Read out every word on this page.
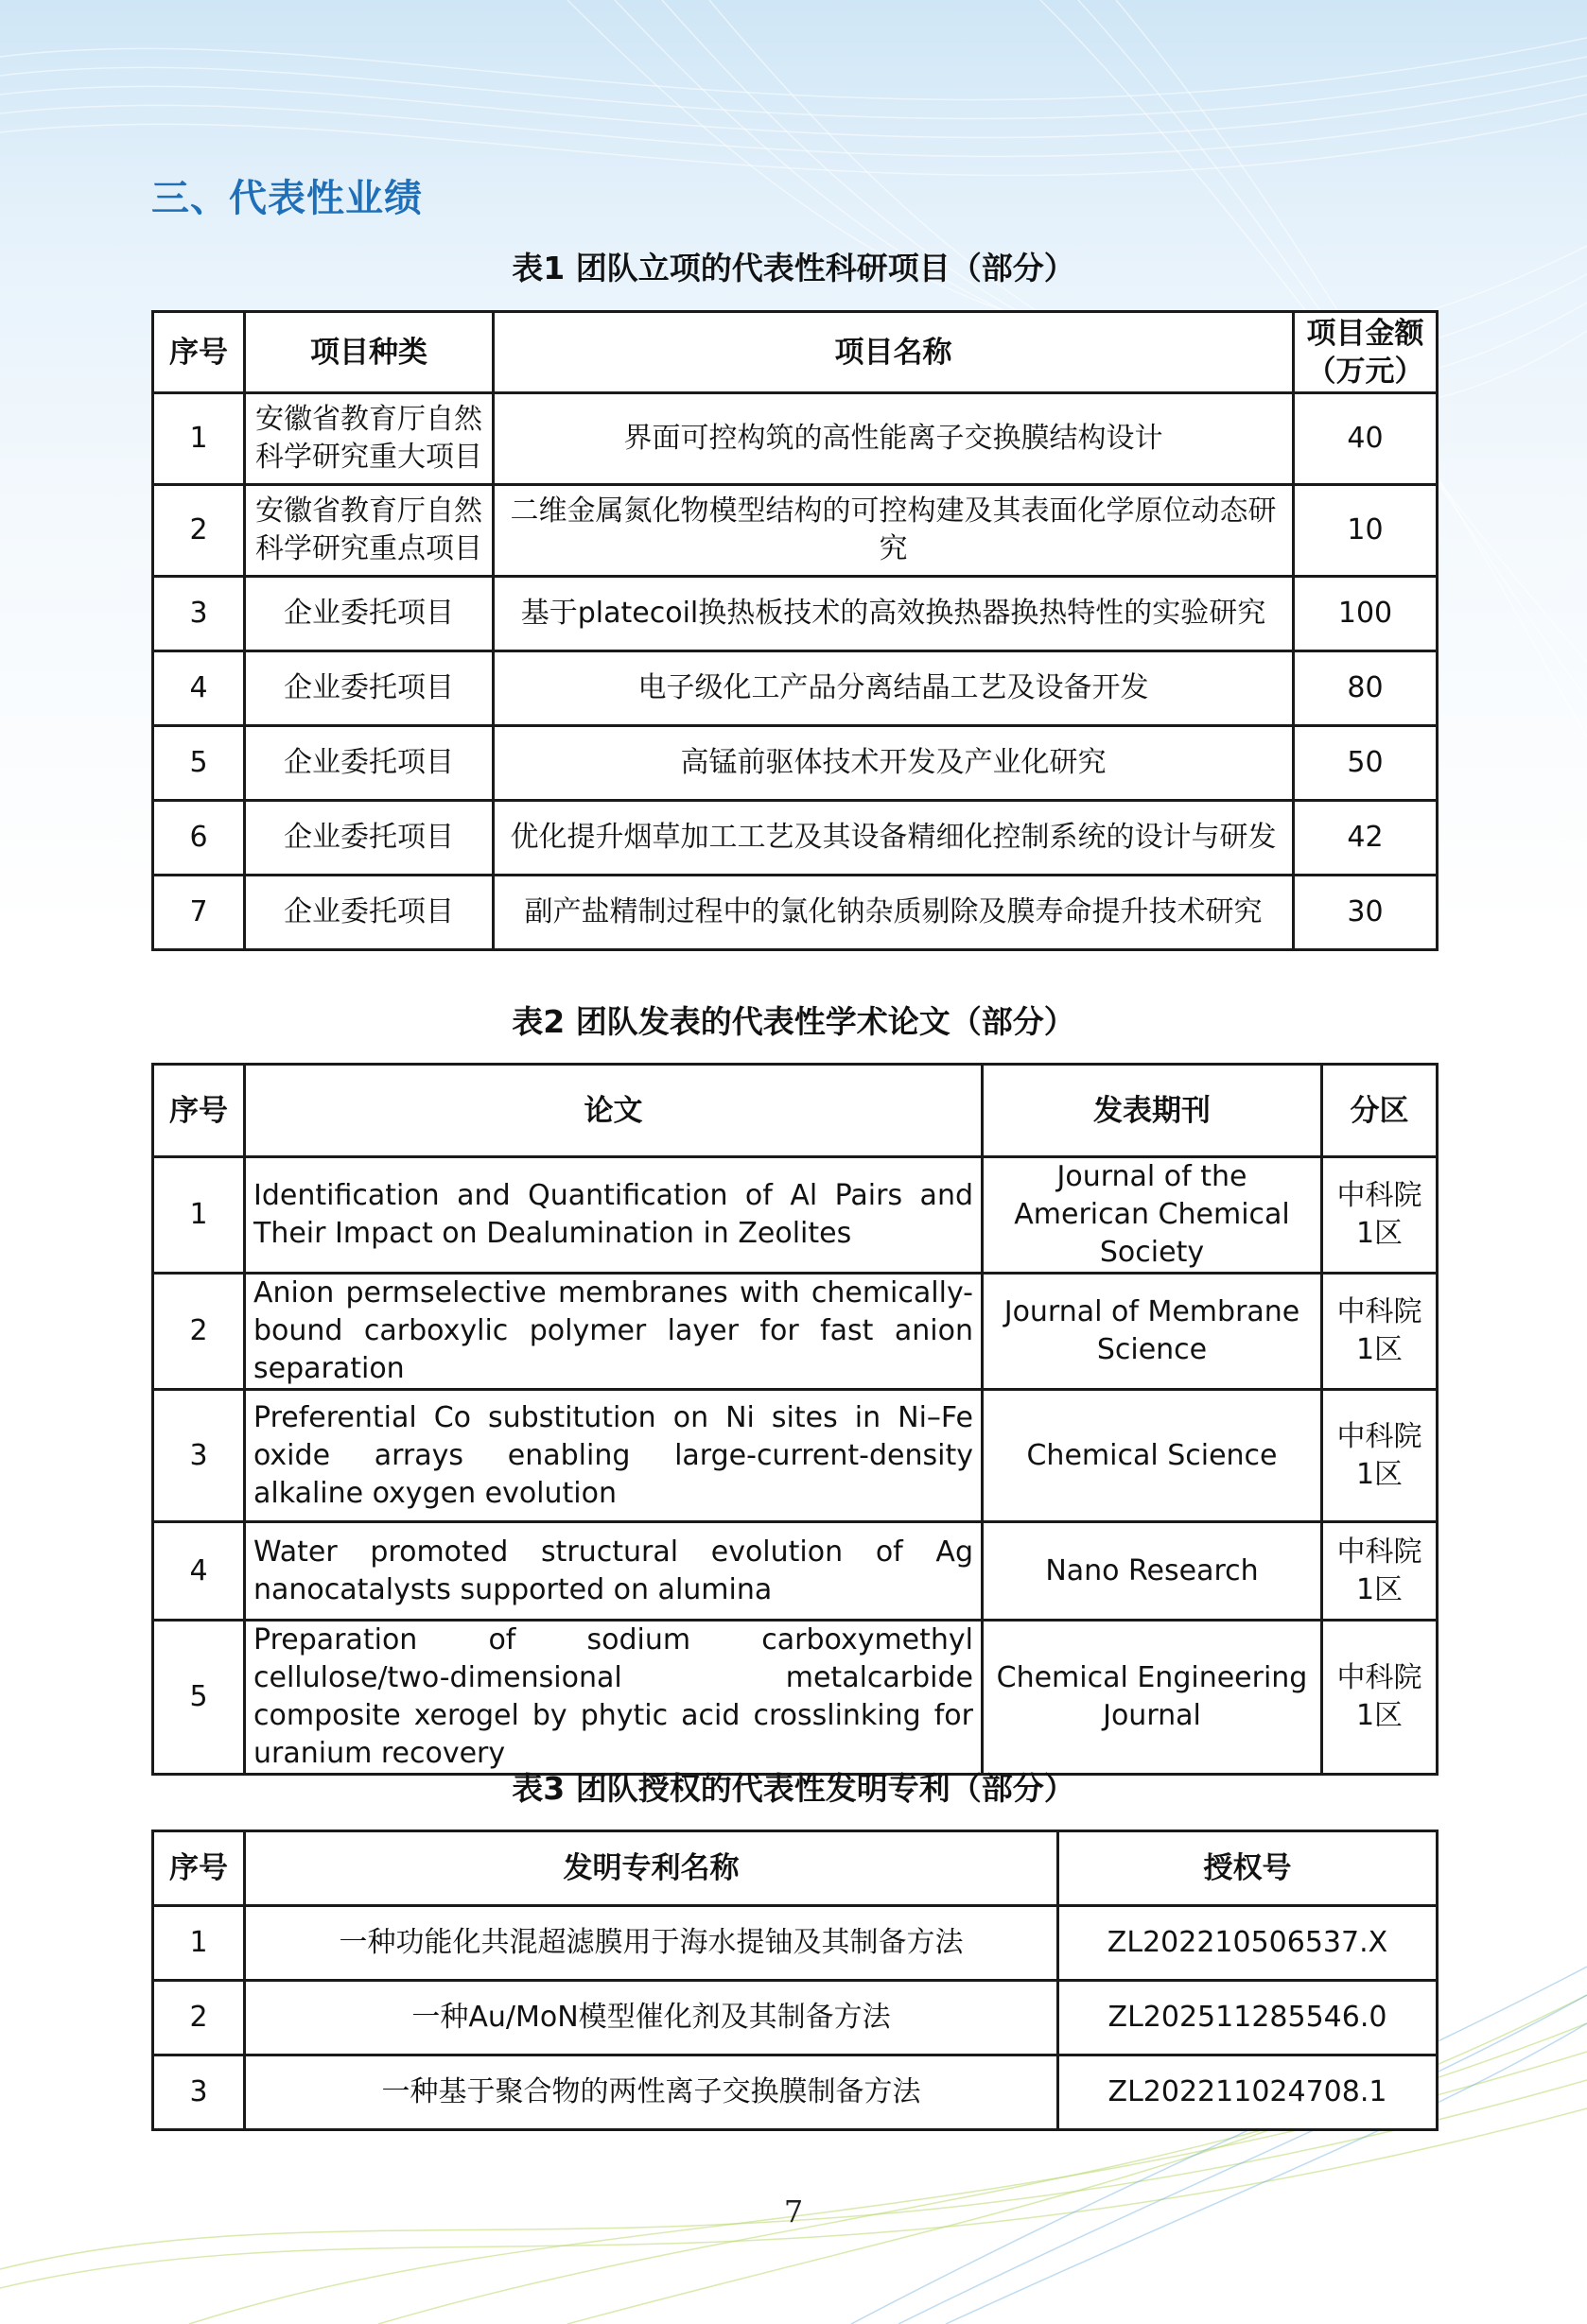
三、代表性业绩
表1 团队立项的代表性科研项目（部分）
序号	项目种类	项目名称	项目金额（万元）
1	安徽省教育厅自然科学研究重大项目	界面可控构筑的高性能离子交换膜结构设计	40
2	安徽省教育厅自然科学研究重点项目	二维金属氮化物模型结构的可控构建及其表面化学原位动态研究	10
3	企业委托项目	基于platecoil换热板技术的高效换热器换热特性的实验研究	100
4	企业委托项目	电子级化工产品分离结晶工艺及设备开发	80
5	企业委托项目	高锰前驱体技术开发及产业化研究	50
6	企业委托项目	优化提升烟草加工工艺及其设备精细化控制系统的设计与研发	42
7	企业委托项目	副产盐精制过程中的氯化钠杂质剔除及膜寿命提升技术研究	30
表2 团队发表的代表性学术论文（部分）
序号	论文	发表期刊	分区
1	Identification and Quantification of Al Pairs and Their Impact on Dealumination in Zeolites	Journal of the American Chemical Society	中科院1区
2	Anion permselective membranes with chemically-bound carboxylic polymer layer for fast anion separation	Journal of Membrane Science	中科院1区
3	Preferential Co substitution on Ni sites in Ni–Fe oxide arrays enabling large-current-density alkaline oxygen evolution	Chemical Science	中科院1区
4	Water promoted structural evolution of Ag nanocatalysts supported on alumina	Nano Research	中科院1区
5	Preparation of sodium carboxymethyl cellulose/two-dimensional metalcarbide composite xerogel by phytic acid crosslinking for uranium recovery	Chemical Engineering Journal	中科院1区
表3 团队授权的代表性发明专利（部分）
序号	发明专利名称	授权号
1	一种功能化共混超滤膜用于海水提铀及其制备方法	ZL202210506537.X
2	一种Au/MoN模型催化剂及其制备方法	ZL202511285546.0
3	一种基于聚合物的两性离子交换膜制备方法	ZL202211024708.1
7
